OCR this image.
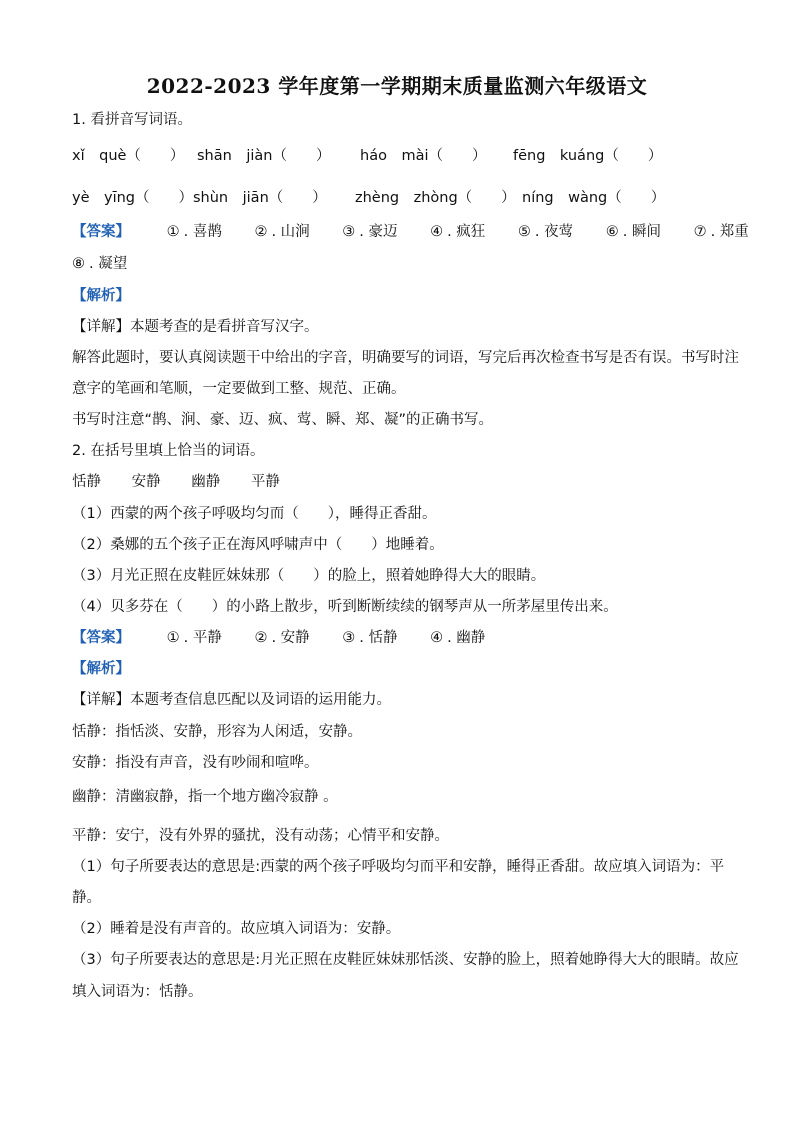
2022-2023 学年度第一学期期末质量监测六年级语文
1. 看拼音写词语。
xǐ　què（　　） shān　jiàn（　　） háo　mài（　　） fēng　kuáng（　　）
yè　yīng（　　） shùn　jiān（　　） zhèng　zhòng（　　） níng　wàng（　　）
【答案】	① . 喜鹊 ② . 山涧 ③ . 豪迈 ④ . 疯狂 ⑤ . 夜莺 ⑥ . 瞬间 ⑦ . 郑重
⑧ . 凝望
【解析】
【详解】本题考查的是看拼音写汉字。
解答此题时，要认真阅读题干中给出的字音，明确要写的词语，写完后再次检查书写是否有误。书写时注
意字的笔画和笔顺，一定要做到工整、规范、正确。
书写时注意“鹊、涧、豪、迈、疯、莺、瞬、郑、凝”的正确书写。
2. 在括号里填上恰当的词语。
恬静 安静 幽静 平静
（1）西蒙的两个孩子呼吸均匀而（　　），睡得正香甜。
（2）桑娜的五个孩子正在海风呼啸声中（　　）地睡着。
（3）月光正照在皮鞋匠妹妹那（　　）的脸上，照着她睁得大大的眼睛。
（4）贝多芬在（　　）的小路上散步，听到断断续续的钢琴声从一所茅屋里传出来。
【答案】	① . 平静 ② . 安静 ③ . 恬静 ④ . 幽静
【解析】
【详解】本题考查信息匹配以及词语的运用能力。
恬静：指恬淡、安静，形容为人闲适，安静。
安静：指没有声音，没有吵闹和喧哗。
幽静：清幽寂静，指一个地方幽冷寂静 。
平静：安宁，没有外界的骚扰，没有动荡；心情平和安静。
（1）句子所要表达的意思是:西蒙的两个孩子呼吸均匀而平和安静，睡得正香甜。故应填入词语为：平
静。
（2）睡着是没有声音的。故应填入词语为：安静。
（3）句子所要表达的意思是:月光正照在皮鞋匠妹妹那恬淡、安静的脸上，照着她睁得大大的眼睛。故应
填入词语为：恬静。
